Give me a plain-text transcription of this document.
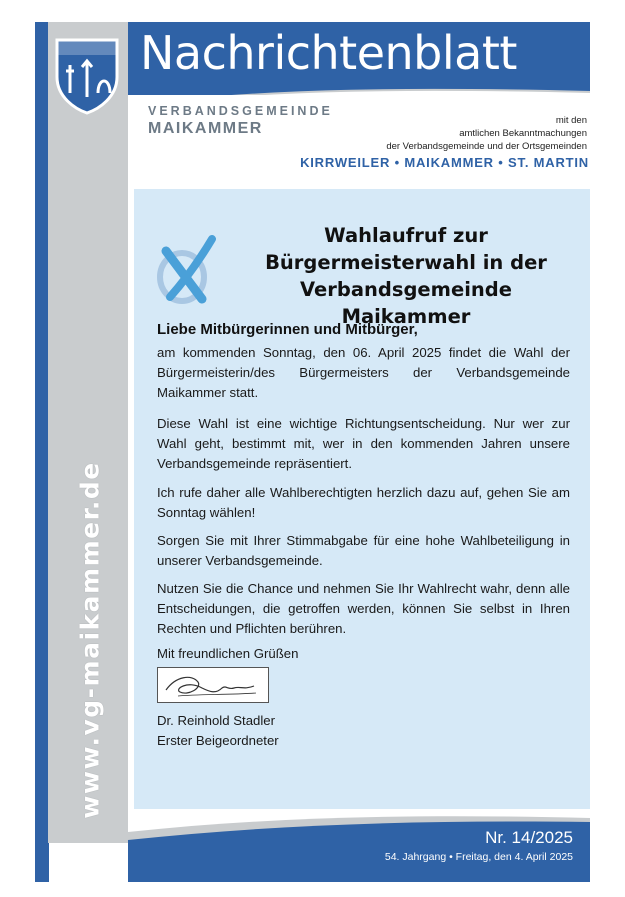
www.vg-maikammer.de
Nachrichtenblatt
VERBANDSGEMEINDE
MAIKAMMER	mit den
amtlichen Bekanntmachungen
der Verbandsgemeinde und der Ortsgemeinden
KIRRWEILER • MAIKAMMER • ST. MARTIN
Wahlaufruf zur
Bürgermeisterwahl in der
Verbandsgemeinde Maikammer
Liebe Mitbürgerinnen und Mitbürger,

am kommenden Sonntag, den 06. April 2025 findet die Wahl der Bürgermeisterin/des Bürgermeisters der Verbandsgemeinde Maikammer statt.

Diese Wahl ist eine wichtige Richtungsentscheidung. Nur wer zur Wahl geht, bestimmt mit, wer in den kommenden Jahren unsere Verbandsgemeinde repräsentiert.

Ich rufe daher alle Wahlberechtigten herzlich dazu auf, gehen Sie am Sonntag wählen!

Sorgen Sie mit Ihrer Stimmabgabe für eine hohe Wahlbeteiligung in unserer Verbandsgemeinde.

Nutzen Sie die Chance und nehmen Sie Ihr Wahlrecht wahr, denn alle Entscheidungen, die getroffen werden, können Sie selbst in Ihren Rechten und Pflichten berühren.

Mit freundlichen Grüßen

Dr. Reinhold Stadler
Erster Beigeordneter
Nr. 14/2025
54. Jahrgang • Freitag, den 4. April 2025
